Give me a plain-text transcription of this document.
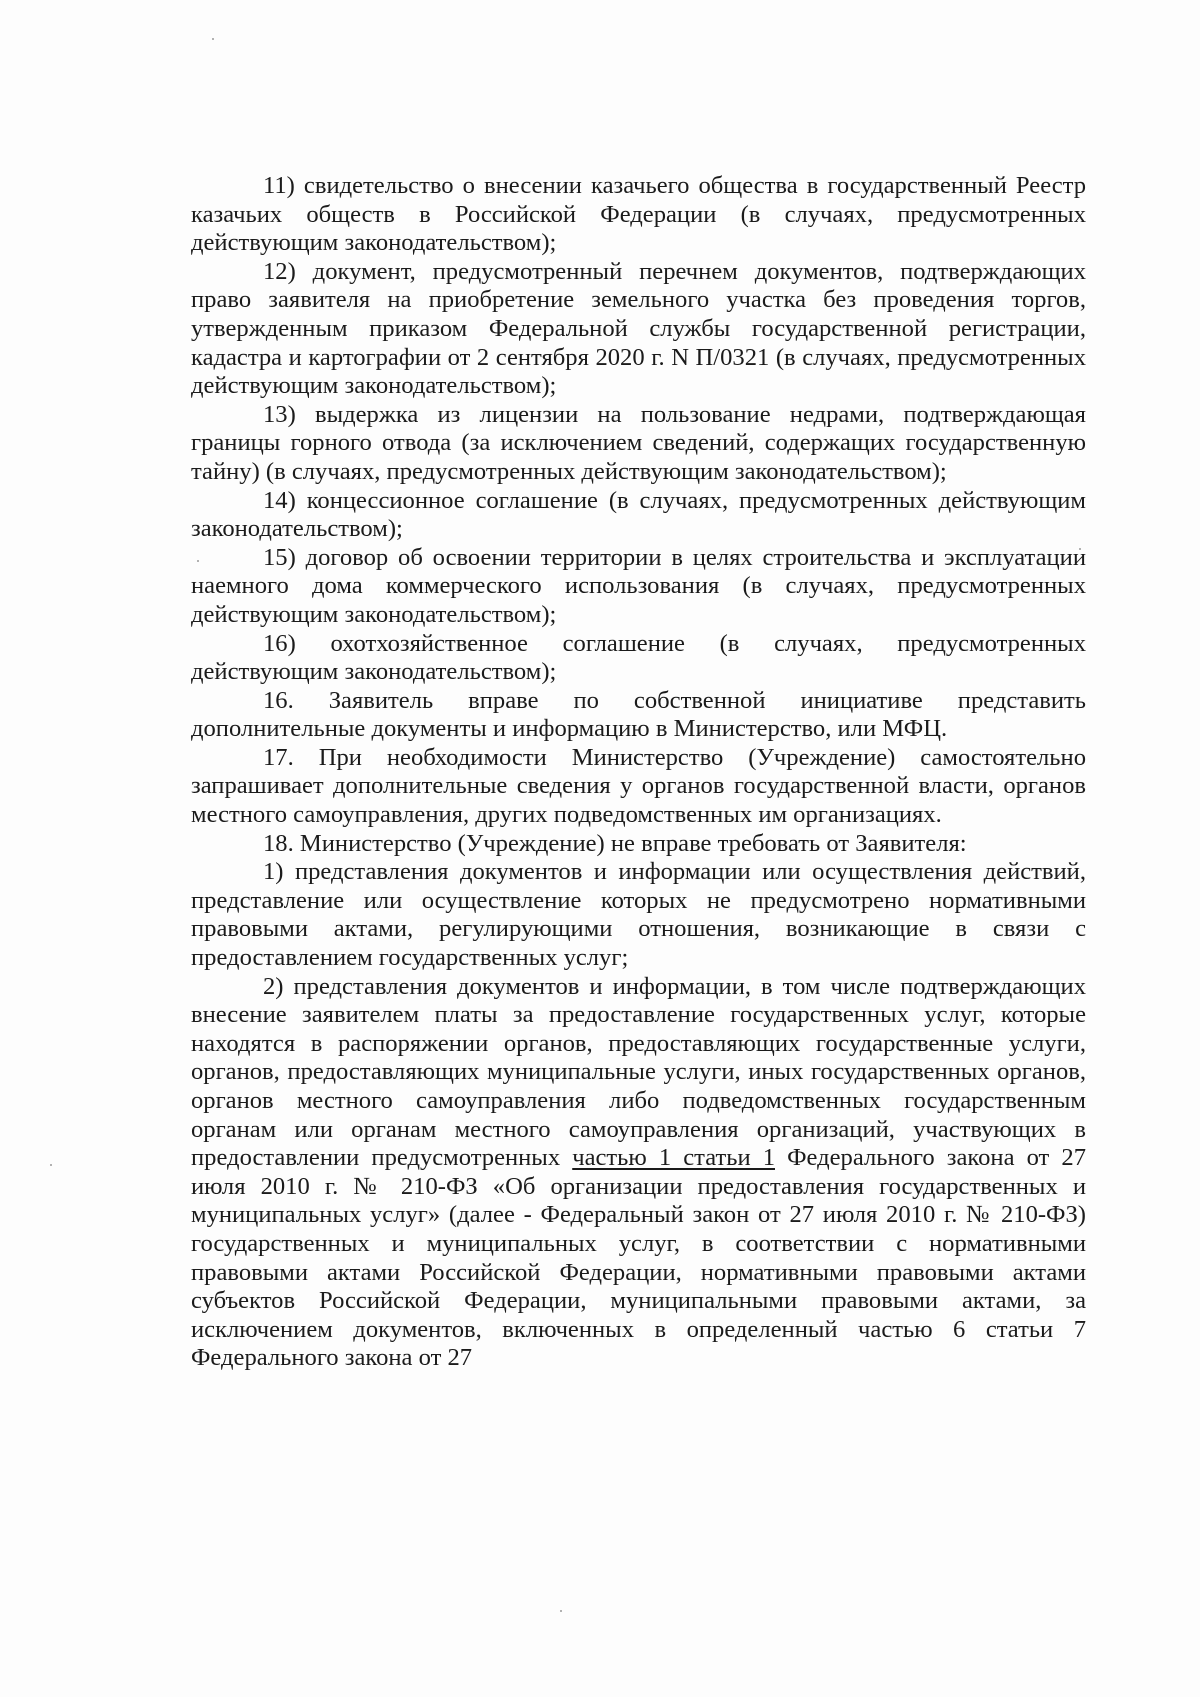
11) свидетельство о внесении казачьего общества в государственный Реестр казачьих обществ в Российской Федерации (в случаях, предусмотренных действующим законодательством);

12) документ, предусмотренный перечнем документов, подтверждающих право заявителя на приобретение земельного участка без проведения торгов, утвержденным приказом Федеральной службы государственной регистрации, кадастра и картографии от 2 сентября 2020 г. N П/0321 (в случаях, предусмотренных действующим законодательством);

13) выдержка из лицензии на пользование недрами, подтверждающая границы горного отвода (за исключением сведений, содержащих государственную тайну) (в случаях, предусмотренных действующим законодательством);

14) концессионное соглашение (в случаях, предусмотренных действующим законодательством);

15) договор об освоении территории в целях строительства и эксплуатации наемного дома коммерческого использования (в случаях, предусмотренных действующим законодательством);

16) охотхозяйственное соглашение (в случаях, предусмотренных действующим законодательством);

16. Заявитель вправе по собственной инициативе представить дополнительные документы и информацию в Министерство, или МФЦ.

17. При необходимости Министерство (Учреждение) самостоятельно запрашивает дополнительные сведения у органов государственной власти, органов местного самоуправления, других подведомственных им организациях.

18. Министерство (Учреждение) не вправе требовать от Заявителя:

1) представления документов и информации или осуществления действий, представление или осуществление которых не предусмотрено нормативными правовыми актами, регулирующими отношения, возникающие в связи с предоставлением государственных услуг;

2) представления документов и информации, в том числе подтверждающих внесение заявителем платы за предоставление государственных услуг, которые находятся в распоряжении органов, предоставляющих государственные услуги, органов, предоставляющих муниципальные услуги, иных государственных органов, органов местного самоуправления либо подведомственных государственным органам или органам местного самоуправления организаций, участвующих в предоставлении предусмотренных частью 1 статьи 1 Федерального закона от 27 июля 2010 г. № 210-ФЗ «Об организации предоставления государственных и муниципальных услуг» (далее - Федеральный закон от 27 июля 2010 г. № 210-ФЗ) государственных и муниципальных услуг, в соответствии с нормативными правовыми актами Российской Федерации, нормативными правовыми актами субъектов Российской Федерации, муниципальными правовыми актами, за исключением документов, включенных в определенный частью 6 статьи 7 Федерального закона от 27
